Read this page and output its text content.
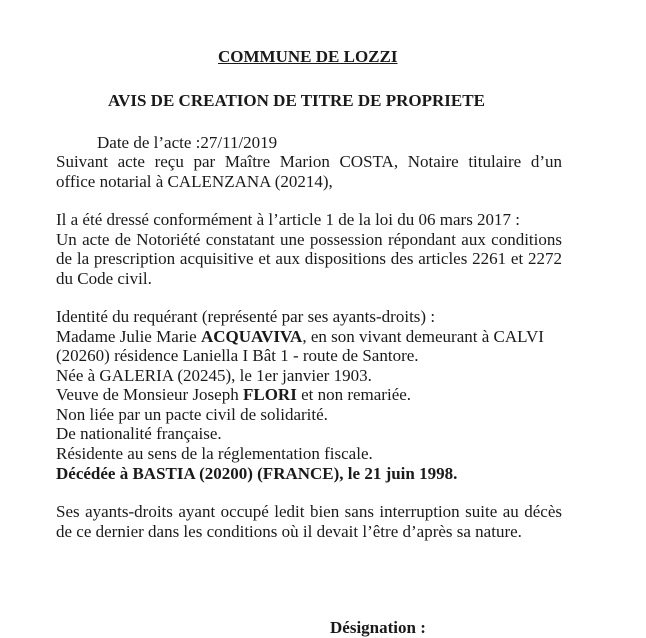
COMMUNE DE LOZZI
AVIS DE CREATION DE TITRE DE PROPRIETE
Date de l’acte :27/11/2019
Suivant acte reçu par Maître Marion COSTA, Notaire titulaire d’un
office notarial à CALENZANA (20214),
Il a été dressé conformément à l’article 1 de la loi du 06 mars 2017 :
Un acte de Notoriété constatant une possession répondant aux conditions
de la prescription acquisitive et aux dispositions des articles 2261 et 2272
du Code civil.
Identité du requérant (représenté par ses ayants-droits) :
Madame Julie Marie ACQUAVIVA, en son vivant demeurant à CALVI
(20260) résidence Laniella I Bât 1 - route de Santore.
Née à GALERIA (20245), le 1er janvier 1903.
Veuve de Monsieur Joseph FLORI et non remariée.
Non liée par un pacte civil de solidarité.
De nationalité française.
Résidente au sens de la réglementation fiscale.
Décédée à BASTIA (20200) (FRANCE), le 21 juin 1998.
Ses ayants-droits ayant occupé ledit bien sans interruption suite au décès
de ce dernier dans les conditions où il devait l’être d’après sa nature.
Désignation :
